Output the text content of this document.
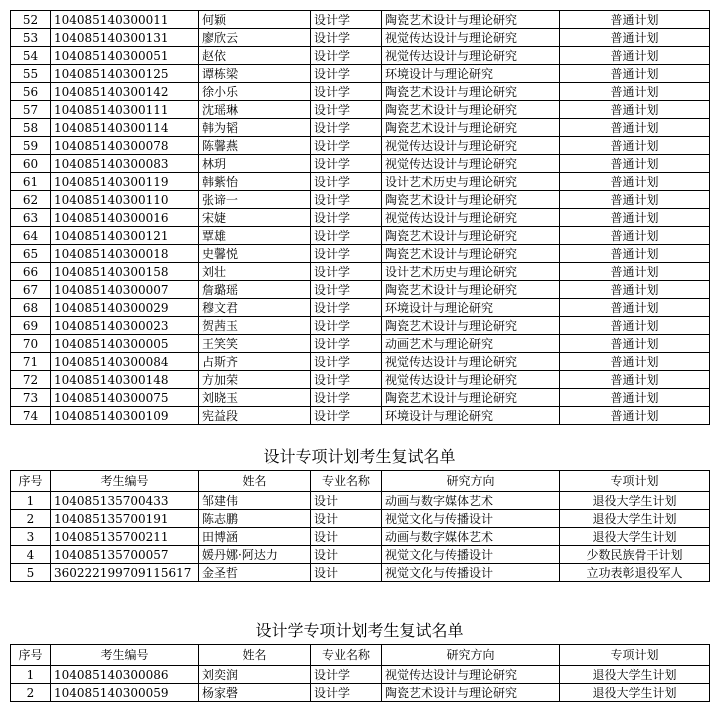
52	104085140300011	何颖	设计学	陶瓷艺术设计与理论研究	普通计划
53	104085140300131	廖欣云	设计学	视觉传达设计与理论研究	普通计划
54	104085140300051	赵依	设计学	视觉传达设计与理论研究	普通计划
55	104085140300125	谭栋梁	设计学	环境设计与理论研究	普通计划
56	104085140300142	徐小乐	设计学	陶瓷艺术设计与理论研究	普通计划
57	104085140300111	沈瑶琳	设计学	陶瓷艺术设计与理论研究	普通计划
58	104085140300114	韩为韬	设计学	陶瓷艺术设计与理论研究	普通计划
59	104085140300078	陈馨燕	设计学	视觉传达设计与理论研究	普通计划
60	104085140300083	林玥	设计学	视觉传达设计与理论研究	普通计划
61	104085140300119	韩紫怡	设计学	设计艺术历史与理论研究	普通计划
62	104085140300110	张谛一	设计学	陶瓷艺术设计与理论研究	普通计划
63	104085140300016	宋婕	设计学	视觉传达设计与理论研究	普通计划
64	104085140300121	覃雄	设计学	陶瓷艺术设计与理论研究	普通计划
65	104085140300018	史馨悦	设计学	陶瓷艺术设计与理论研究	普通计划
66	104085140300158	刘壮	设计学	设计艺术历史与理论研究	普通计划
67	104085140300007	詹璐瑶	设计学	陶瓷艺术设计与理论研究	普通计划
68	104085140300029	穆文君	设计学	环境设计与理论研究	普通计划
69	104085140300023	贺茜玉	设计学	陶瓷艺术设计与理论研究	普通计划
70	104085140300005	王笑笑	设计学	动画艺术与理论研究	普通计划
71	104085140300084	占斯齐	设计学	视觉传达设计与理论研究	普通计划
72	104085140300148	方加荣	设计学	视觉传达设计与理论研究	普通计划
73	104085140300075	刘晓玉	设计学	陶瓷艺术设计与理论研究	普通计划
74	104085140300109	宪益段	设计学	环境设计与理论研究	普通计划
设计专项计划考生复试名单
序号	考生编号	姓名	专业名称	研究方向	专项计划
1	104085135700433	邹建伟	设计	动画与数字媒体艺术	退役大学生计划
2	104085135700191	陈志鹏	设计	视觉文化与传播设计	退役大学生计划
3	104085135700211	田博涵	设计	动画与数字媒体艺术	退役大学生计划
4	104085135700057	媛丹娜·阿达力	设计	视觉文化与传播设计	少数民族骨干计划
5	360222199709115617	金圣哲	设计	视觉文化与传播设计	立功表彰退役军人
设计学专项计划考生复试名单
序号	考生编号	姓名	专业名称	研究方向	专项计划
1	104085140300086	刘奕润	设计学	视觉传达设计与理论研究	退役大学生计划
2	104085140300059	杨家磬	设计学	陶瓷艺术设计与理论研究	退役大学生计划
